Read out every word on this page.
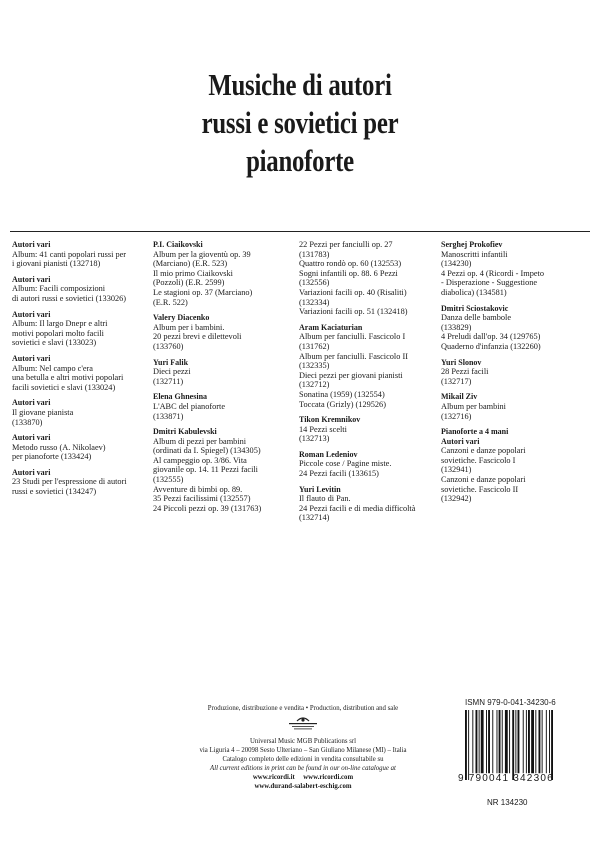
Musiche di autori
russi e sovietici per
pianoforte
Autori vari
Album: 41 canti popolari russi per
i giovani pianisti (132718)
Autori vari
Album: Facili composizioni
di autori russi e sovietici (133026)
Autori vari
Album: Il largo Dnepr e altri
motivi popolari molto facili
sovietici e slavi (133023)
Autori vari
Album: Nel campo c'era
una betulla e altri motivi popolari
facili sovietici e slavi (133024)
Autori vari
Il giovane pianista
(133870)
Autori vari
Metodo russo (A. Nikolaev)
per pianoforte (133424)
Autori vari
23 Studi per l'espressione di autori
russi e sovietici (134247)
P.I. Ciaikovski
Album per la gioventù op. 39
(Marciano) (E.R. 523)
Il mio primo Ciaikovski
(Pozzoli) (E.R. 2599)
Le stagioni op. 37 (Marciano)
(E.R. 522)
Valery Diacenko
Album per i bambini.
20 pezzi brevi e dilettevoli
(133760)
Yuri Falik
Dieci pezzi
(132711)
Elena Ghnesina
L'ABC del pianoforte
(133871)
Dmitri Kabulevski
Album di pezzi per bambini
(ordinati da I. Spiegel) (134305)
Al campeggio op. 3/86. Vita
giovanile op. 14. 11 Pezzi facili
(132555)
Avventure di bimbi op. 89.
35 Pezzi facilissimi (132557)
24 Piccoli pezzi op. 39 (131763)
22 Pezzi per fanciulli op. 27
(131783)
Quattro rondò op. 60 (132553)
Sogni infantili op. 88. 6 Pezzi
(132556)
Variazioni facili op. 40 (Risaliti)
(132334)
Variazioni facili op. 51 (132418)
Aram Kaciaturian
Album per fanciulli. Fascicolo I
(131762)
Album per fanciulli. Fascicolo II
(132335)
Dieci pezzi per giovani pianisti
(132712)
Sonatina (1959) (132554)
Toccata (Grizly) (129526)
Tikon Kremnikov
14 Pezzi scelti
(132713)
Roman Ledeniov
Piccole cose / Pagine miste.
24 Pezzi facili (133615)
Yuri Levitin
Il flauto di Pan.
24 Pezzi facili e di media difficoltà
(132714)
Serghej Prokofiev
Manoscritti infantili
(134230)
4 Pezzi op. 4 (Ricordi - Impeto
- Disperazione - Suggestione
diabolica) (134581)
Dmitri Sciostakovic
Danza delle bambole
(133829)
4 Preludi dall'op. 34 (129765)
Quaderno d'infanzia (132260)
Yuri Slonov
28 Pezzi facili
(132717)
Mikail Ziv
Album per bambini
(132716)
Pianoforte a 4 mani
Autori vari
Canzoni e danze popolari
sovietiche. Fascicolo I
(132941)
Canzoni e danze popolari
sovietiche. Fascicolo II
(132942)
Produzione, distribuzione e vendita • Production, distribution and sale
Universal Music MGB Publications srl
via Liguria 4 – 20098 Sesto Ulteriano – San Giuliano Milanese (MI) – Italia
Catalogo completo delle edizioni in vendita consultabile su
All current editions in print can be found in our on-line catalogue at
www.ricordi.it     www.ricordi.com
www.durand-salabert-eschig.com
ISMN 979-0-041-34230-6
9 790041 342306
NR 134230
